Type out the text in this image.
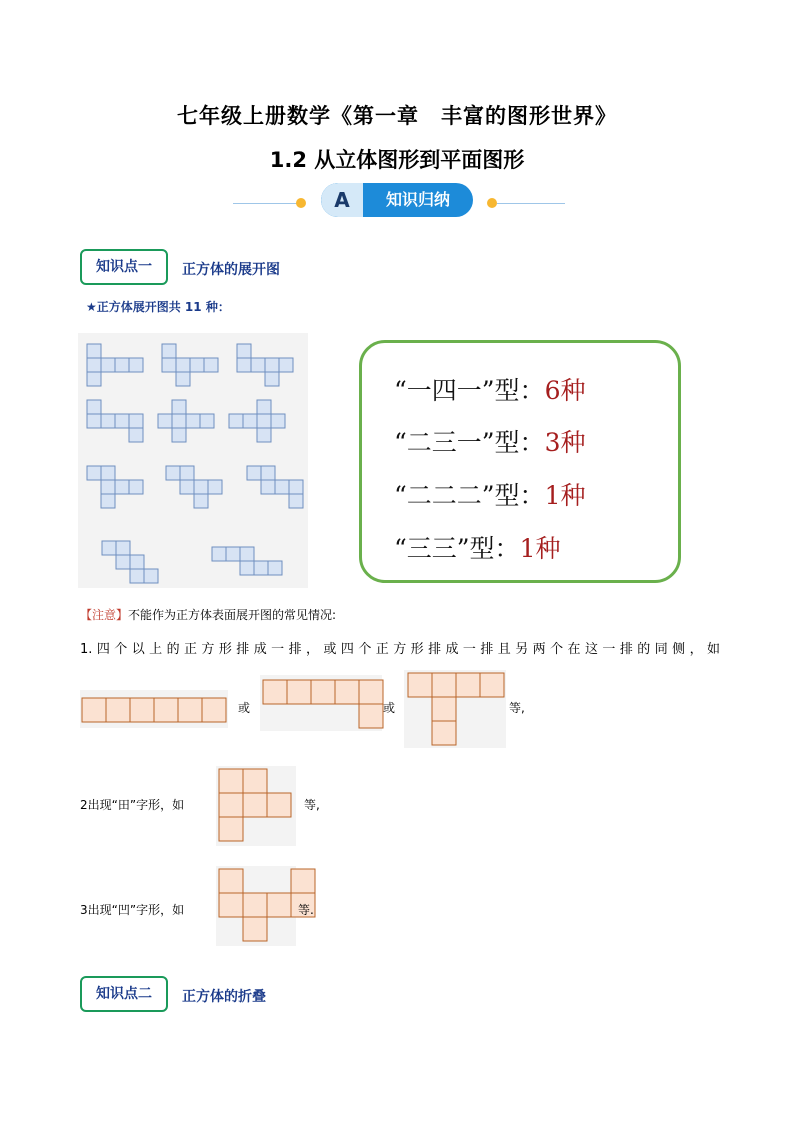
七年级上册数学《第一章　丰富的图形世界》
1.2 从立体图形到平面图形
A	知识归纳
知识点一	正方体的展开图
★正方体展开图共 11 种：
“一四一”型：6种
“二三一”型：3种
“二二二”型：1种
“三三”型：1种
【注意】不能作为正方体表面展开图的常见情况:
1.四个以上的正方形排成一排，或四个正方形排成一排且另两个在这一排的同侧，如
或	或	等,
2出现“田”字形，如	等,
3出现“凹”字形，如	等.
知识点二	正方体的折叠
